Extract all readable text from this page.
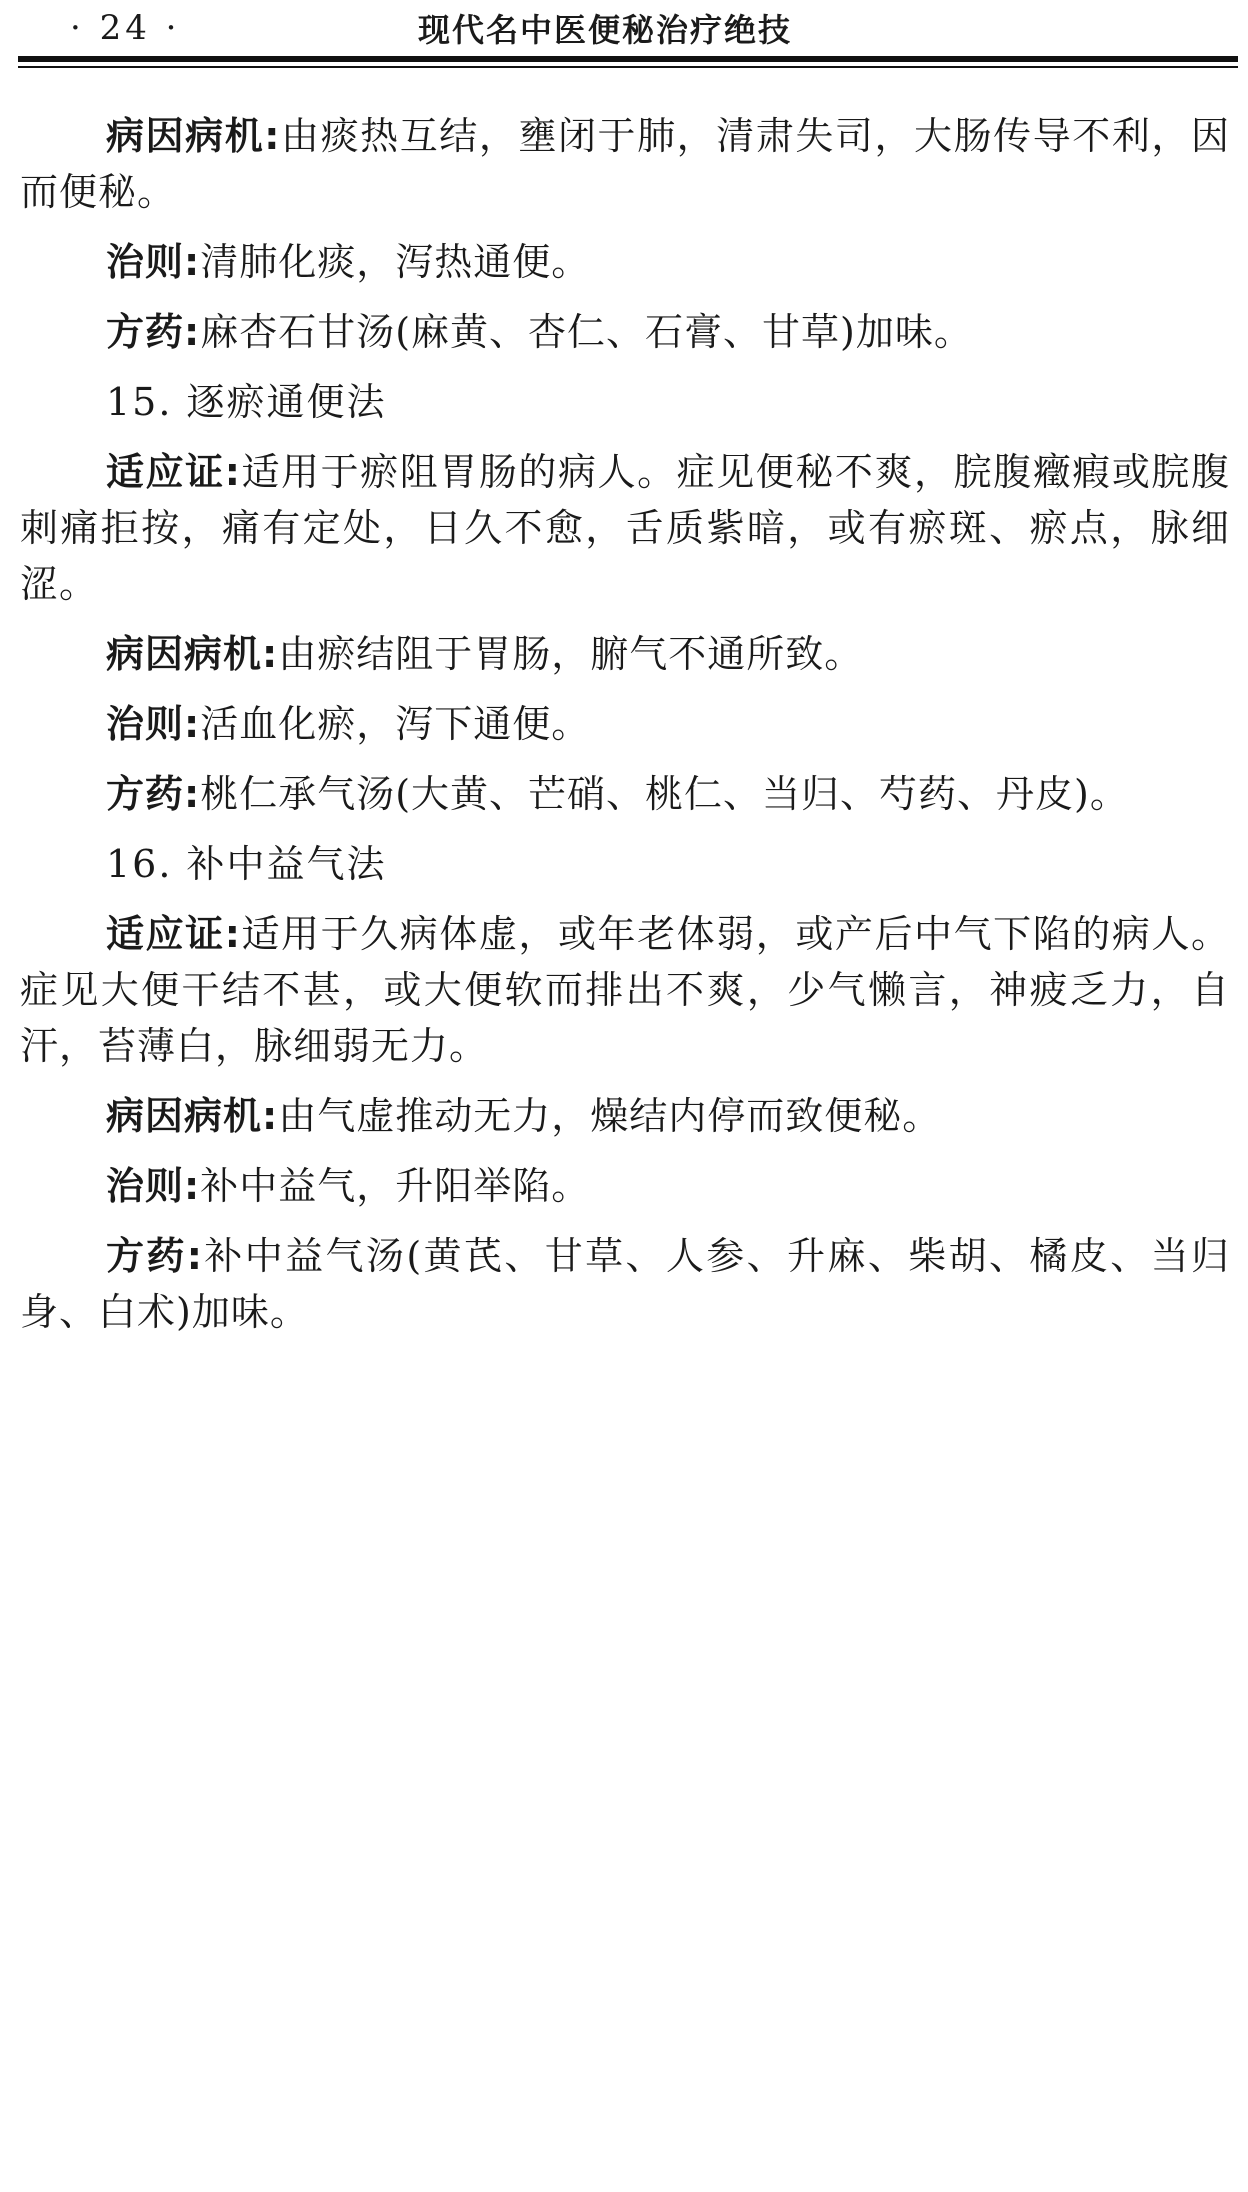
· 24 ·	现代名中医便秘治疗绝技

病因病机:由痰热互结，壅闭于肺，清肃失司，大肠传导不利，因而便秘。

治则:清肺化痰，泻热通便。

方药:麻杏石甘汤(麻黄、杏仁、石膏、甘草)加味。

15. 逐瘀通便法

适应证:适用于瘀阻胃肠的病人。症见便秘不爽，脘腹癥瘕或脘腹刺痛拒按，痛有定处，日久不愈，舌质紫暗，或有瘀斑、瘀点，脉细涩。

病因病机:由瘀结阻于胃肠，腑气不通所致。

治则:活血化瘀，泻下通便。

方药:桃仁承气汤(大黄、芒硝、桃仁、当归、芍药、丹皮)。

16. 补中益气法

适应证:适用于久病体虚，或年老体弱，或产后中气下陷的病人。症见大便干结不甚，或大便软而排出不爽，少气懒言，神疲乏力，自汗，苔薄白，脉细弱无力。

病因病机:由气虚推动无力，燥结内停而致便秘。

治则:补中益气，升阳举陷。

方药:补中益气汤(黄芪、甘草、人参、升麻、柴胡、橘皮、当归身、白术)加味。
